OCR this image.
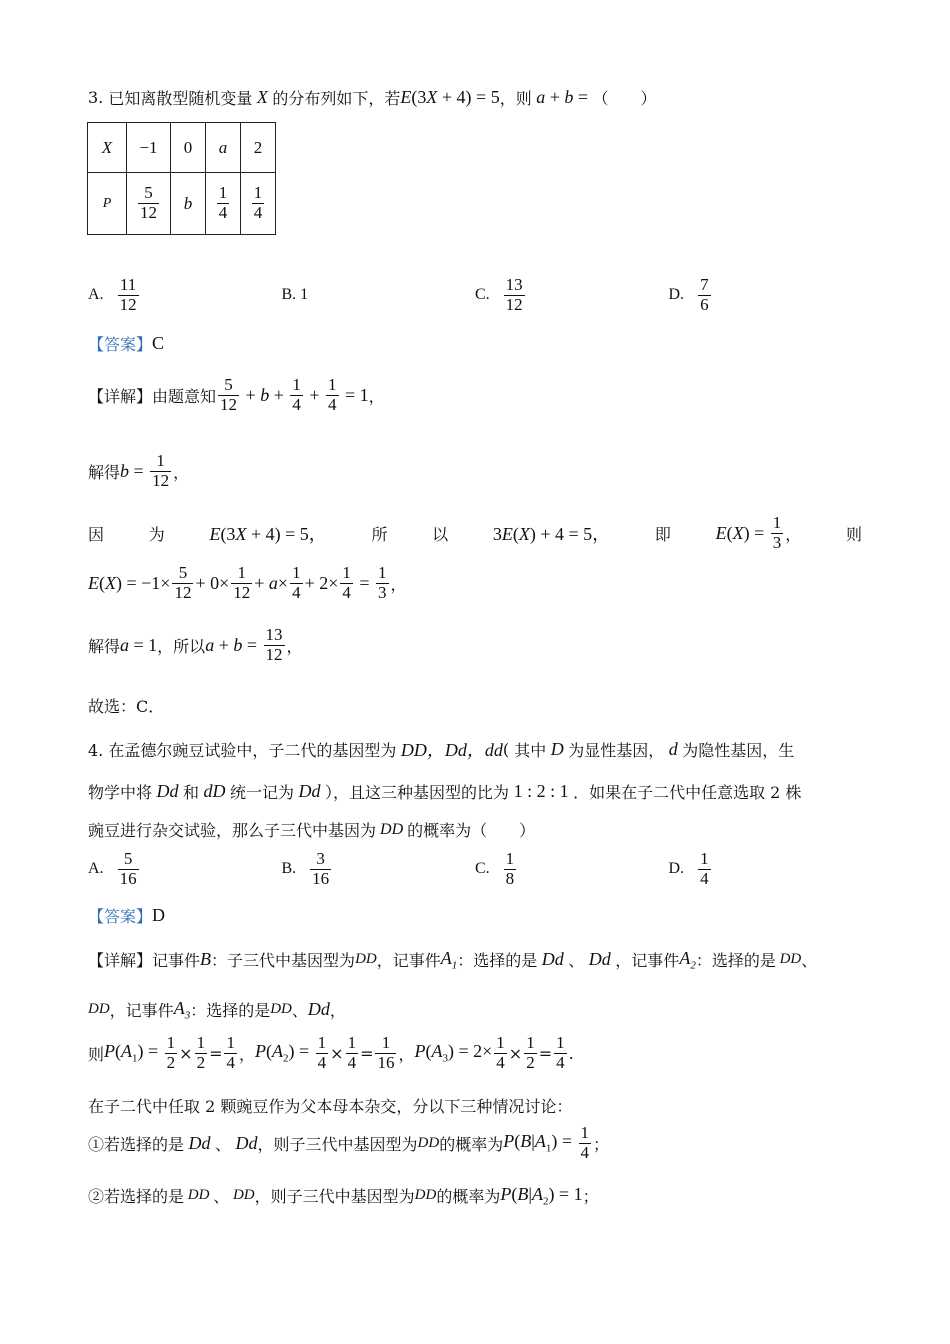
3.
已知离散型随机变量 X 的分布列如下，若 E(3X + 4) = 5 ，则 a + b = （　　）
X	−1	0	a	2
P	$\frac{5}{12}$	b	$\frac{1}{4}$	$\frac{1}{4}$
A. $\frac{11}{12}$	B. 1	C. $\frac{13}{12}$	D. $\frac{7}{6}$
【答案】 C
【详解】 由题意知 $\frac{5}{12} + b + \frac{1}{4} + \frac{1}{4} = 1$ ，
解得 $b = \frac{1}{12}$ ，
因	为 E(3X + 4) = 5，	所	以 3E(X) + 4 = 5，	即 $E(X) = \frac{1}{3}$ ，	则
$E(X) = -1\times \frac{5}{12} + 0\times \frac{1}{12} + a\times \frac{1}{4} + 2\times \frac{1}{4} = \frac{1}{3}$ ，
解得 a = 1 ，所以 $a + b = \frac{13}{12}$ ，
故选：C．
4. 在孟德尔豌豆试验中，子二代的基因型为 DD，Dd，dd ( 其中 D 为显性基因， d 为隐性基因，生
物学中将 Dd 和 dD 统一记为 Dd ），且这三种基因型的比为 1 : 2 : 1 ．如果在子二代中任意选取 2 株
豌豆进行杂交试验，那么子三代中基因为 DD 的概率为（　　）
A. $\frac{5}{16}$	B. $\frac{3}{16}$	C. $\frac{1}{8}$	D. $\frac{1}{4}$
【答案】 D
【详解】 记事件 B ： 子三代中基因型为 DD ，记事件 $A_1$ ： 选择的是 Dd 、 Dd ，记事件 $A_2$ ： 选择的是 DD 、
DD ，记事件 $A_3$ ： 选择的是 DD 、 Dd ，
则 $P(A_1) = \frac{1}{2} \times \frac{1}{2} = \frac{1}{4}$ ， $P(A_2) = \frac{1}{4} \times \frac{1}{4} = \frac{1}{16}$ ， $P(A_3) = 2\times \frac{1}{4} \times \frac{1}{2} = \frac{1}{4}$ .
在子二代中任取 2 颗豌豆作为父本母本杂交，分以下三种情况讨论：
①若选择的是 Dd 、 Dd ，则子三代中基因型为 DD 的概率为 $P(B|A_1) = \frac{1}{4}$ ；
②若选择的是 DD 、 DD ，则子三代中基因型为 DD 的概率为 $P(B|A_2) = 1$ ；
